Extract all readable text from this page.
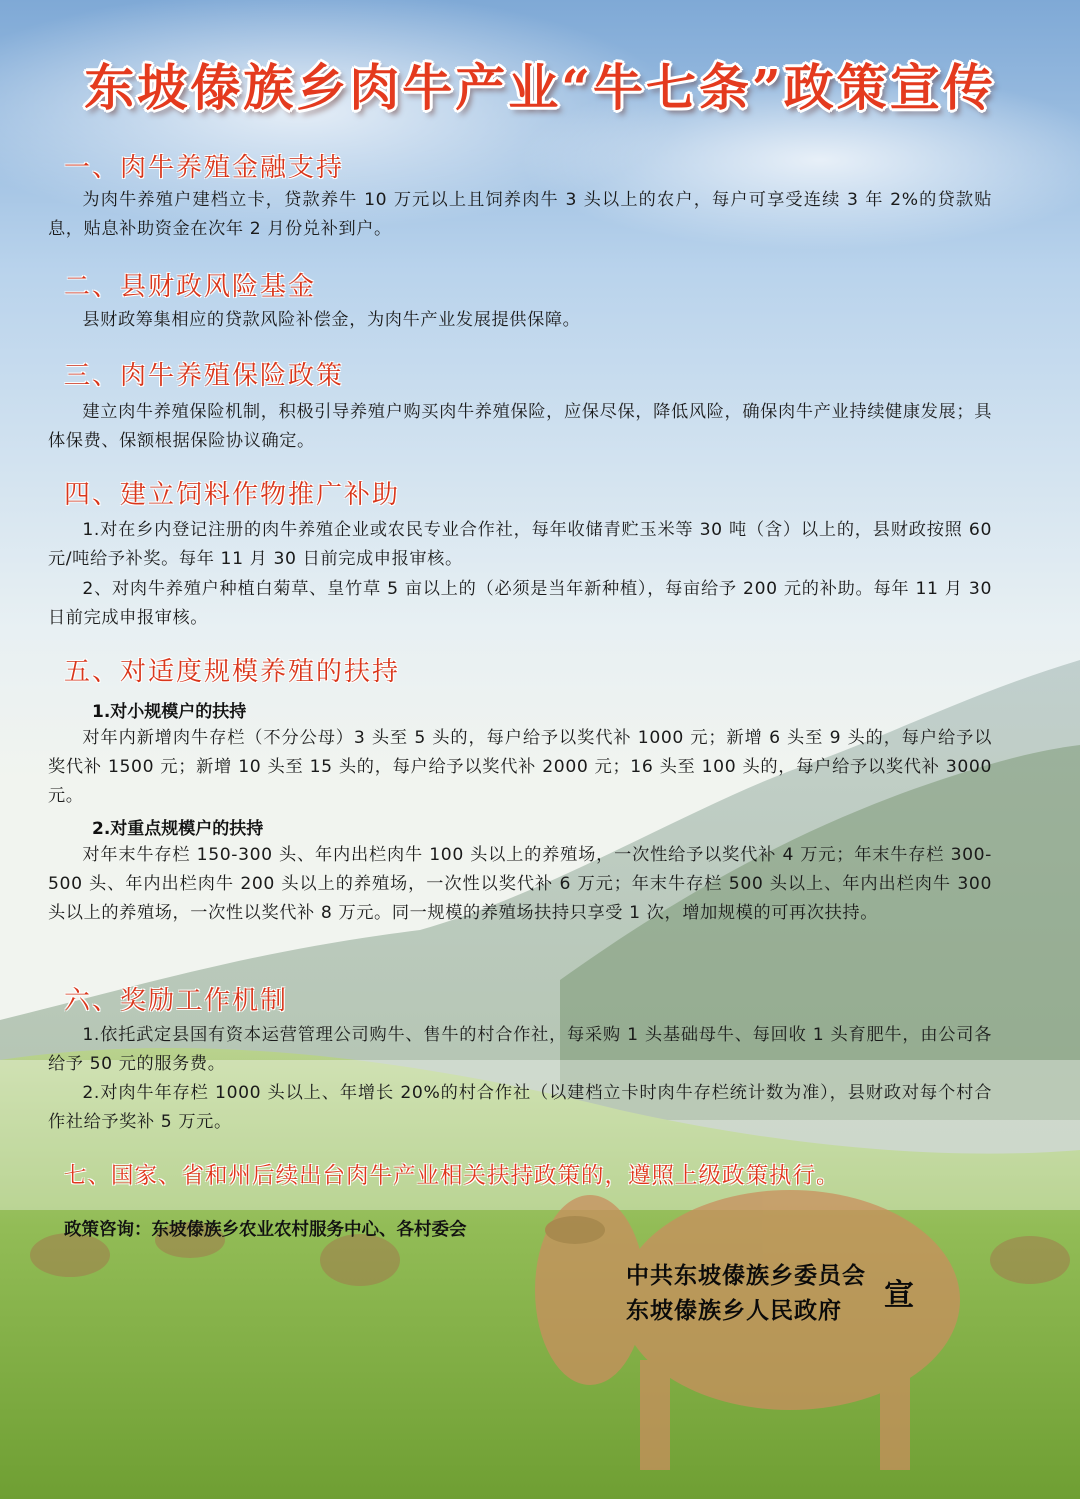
东坡傣族乡肉牛产业“牛七条”政策宣传
一、肉牛养殖金融支持

为肉牛养殖户建档立卡，贷款养牛 10 万元以上且饲养肉牛 3 头以上的农户，每户可享受连续 3 年 2%的贷款贴息，贴息补助资金在次年 2 月份兑补到户。

二、县财政风险基金

县财政筹集相应的贷款风险补偿金，为肉牛产业发展提供保障。

三、肉牛养殖保险政策

建立肉牛养殖保险机制，积极引导养殖户购买肉牛养殖保险，应保尽保，降低风险，确保肉牛产业持续健康发展；具体保费、保额根据保险协议确定。

四、建立饲料作物推广补助

1.对在乡内登记注册的肉牛养殖企业或农民专业合作社，每年收储青贮玉米等 30 吨（含）以上的，县财政按照 60 元/吨给予补奖。每年 11 月 30 日前完成申报审核。

2、对肉牛养殖户种植白菊草、皇竹草 5 亩以上的（必须是当年新种植），每亩给予 200 元的补助。每年 11 月 30 日前完成申报审核。

五、对适度规模养殖的扶持
1.对小规模户的扶持

对年内新增肉牛存栏（不分公母）3 头至 5 头的，每户给予以奖代补 1000 元；新增 6 头至 9 头的，每户给予以奖代补 1500 元；新增 10 头至 15 头的，每户给予以奖代补 2000 元；16 头至 100 头的，每户给予以奖代补 3000 元。

2.对重点规模户的扶持

对年末牛存栏 150-300 头、年内出栏肉牛 100 头以上的养殖场，一次性给予以奖代补 4 万元；年末牛存栏 300-500 头、年内出栏肉牛 200 头以上的养殖场，一次性以奖代补 6 万元；年末牛存栏 500 头以上、年内出栏肉牛 300 头以上的养殖场，一次性以奖代补 8 万元。同一规模的养殖场扶持只享受 1 次，增加规模的可再次扶持。

六、奖励工作机制

1.依托武定县国有资本运营管理公司购牛、售牛的村合作社，每采购 1 头基础母牛、每回收 1 头育肥牛，由公司各给予 50 元的服务费。

2.对肉牛年存栏 1000 头以上、年增长 20%的村合作社（以建档立卡时肉牛存栏统计数为准），县财政对每个村合作社给予奖补 5 万元。

七、国家、省和州后续出台肉牛产业相关扶持政策的，遵照上级政策执行。
政策咨询：东坡傣族乡农业农村服务中心、各村委会
中共东坡傣族乡委员会
东坡傣族乡人民政府 宣
